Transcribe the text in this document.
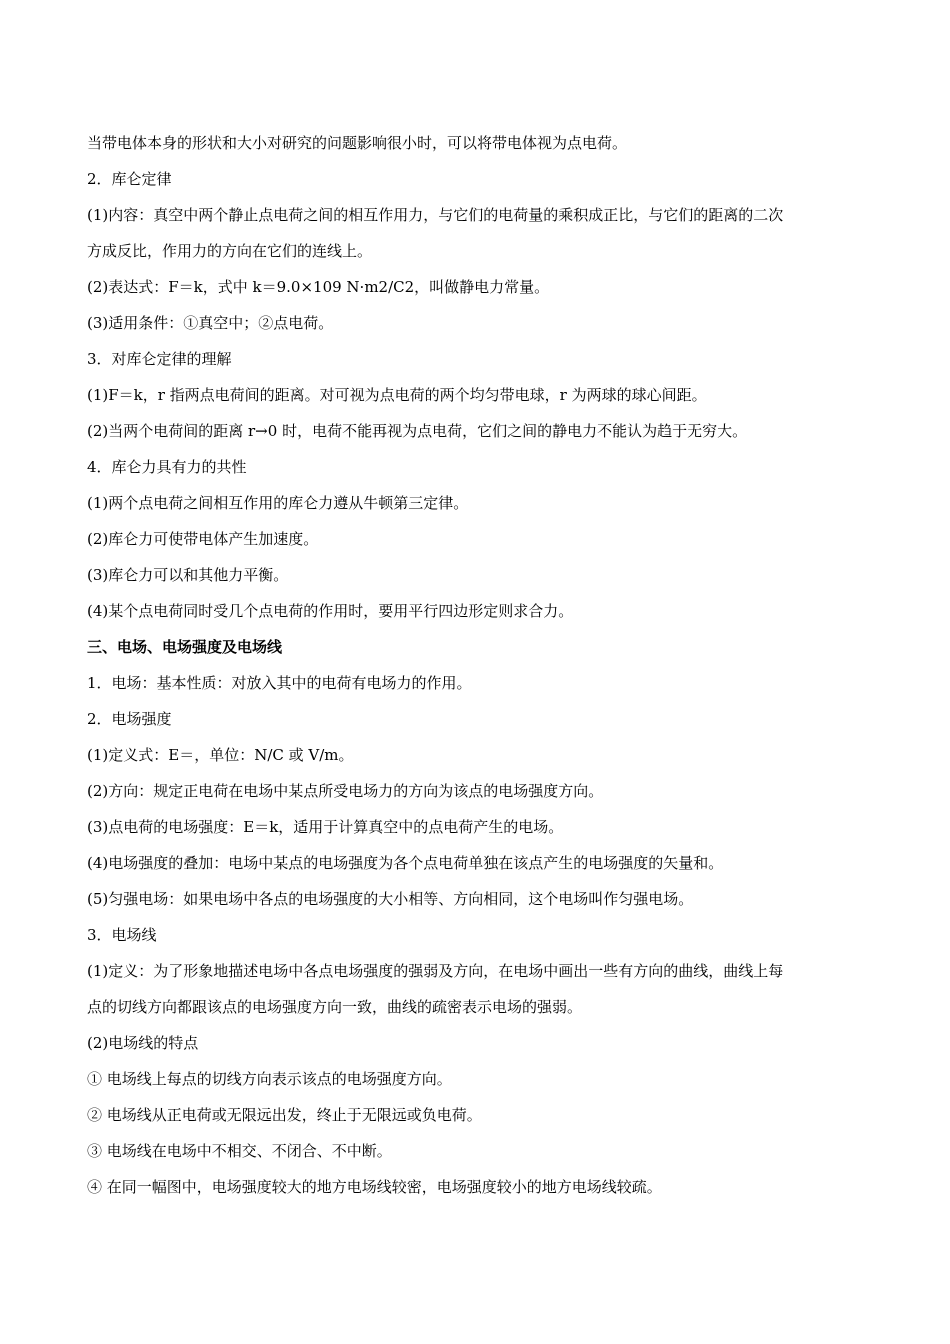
当带电体本身的形状和大小对研究的问题影响很小时，可以将带电体视为点电荷。
2．库仑定律
(1)内容：真空中两个静止点电荷之间的相互作用力，与它们的电荷量的乘积成正比，与它们的距离的二次
方成反比，作用力的方向在它们的连线上。
(2)表达式：F＝k，式中 k＝9.0×109 N·m2/C2，叫做静电力常量。
(3)适用条件：①真空中；②点电荷。
3．对库仑定律的理解
(1)F＝k，r 指两点电荷间的距离。对可视为点电荷的两个均匀带电球，r 为两球的球心间距。
(2)当两个电荷间的距离 r→0 时，电荷不能再视为点电荷，它们之间的静电力不能认为趋于无穷大。
4．库仑力具有力的共性
(1)两个点电荷之间相互作用的库仑力遵从牛顿第三定律。
(2)库仑力可使带电体产生加速度。
(3)库仑力可以和其他力平衡。
(4)某个点电荷同时受几个点电荷的作用时，要用平行四边形定则求合力。
三、电场、电场强度及电场线
1．电场：基本性质：对放入其中的电荷有电场力的作用。
2．电场强度
(1)定义式：E＝，单位：N/C 或 V/m。
(2)方向：规定正电荷在电场中某点所受电场力的方向为该点的电场强度方向。
(3)点电荷的电场强度：E＝k，适用于计算真空中的点电荷产生的电场。
(4)电场强度的叠加：电场中某点的电场强度为各个点电荷单独在该点产生的电场强度的矢量和。
(5)匀强电场：如果电场中各点的电场强度的大小相等、方向相同，这个电场叫作匀强电场。
3．电场线
(1)定义：为了形象地描述电场中各点电场强度的强弱及方向，在电场中画出一些有方向的曲线，曲线上每
点的切线方向都跟该点的电场强度方向一致，曲线的疏密表示电场的强弱。
(2)电场线的特点
① 电场线上每点的切线方向表示该点的电场强度方向。
② 电场线从正电荷或无限远出发，终止于无限远或负电荷。
③ 电场线在电场中不相交、不闭合、不中断。
④ 在同一幅图中，电场强度较大的地方电场线较密，电场强度较小的地方电场线较疏。
